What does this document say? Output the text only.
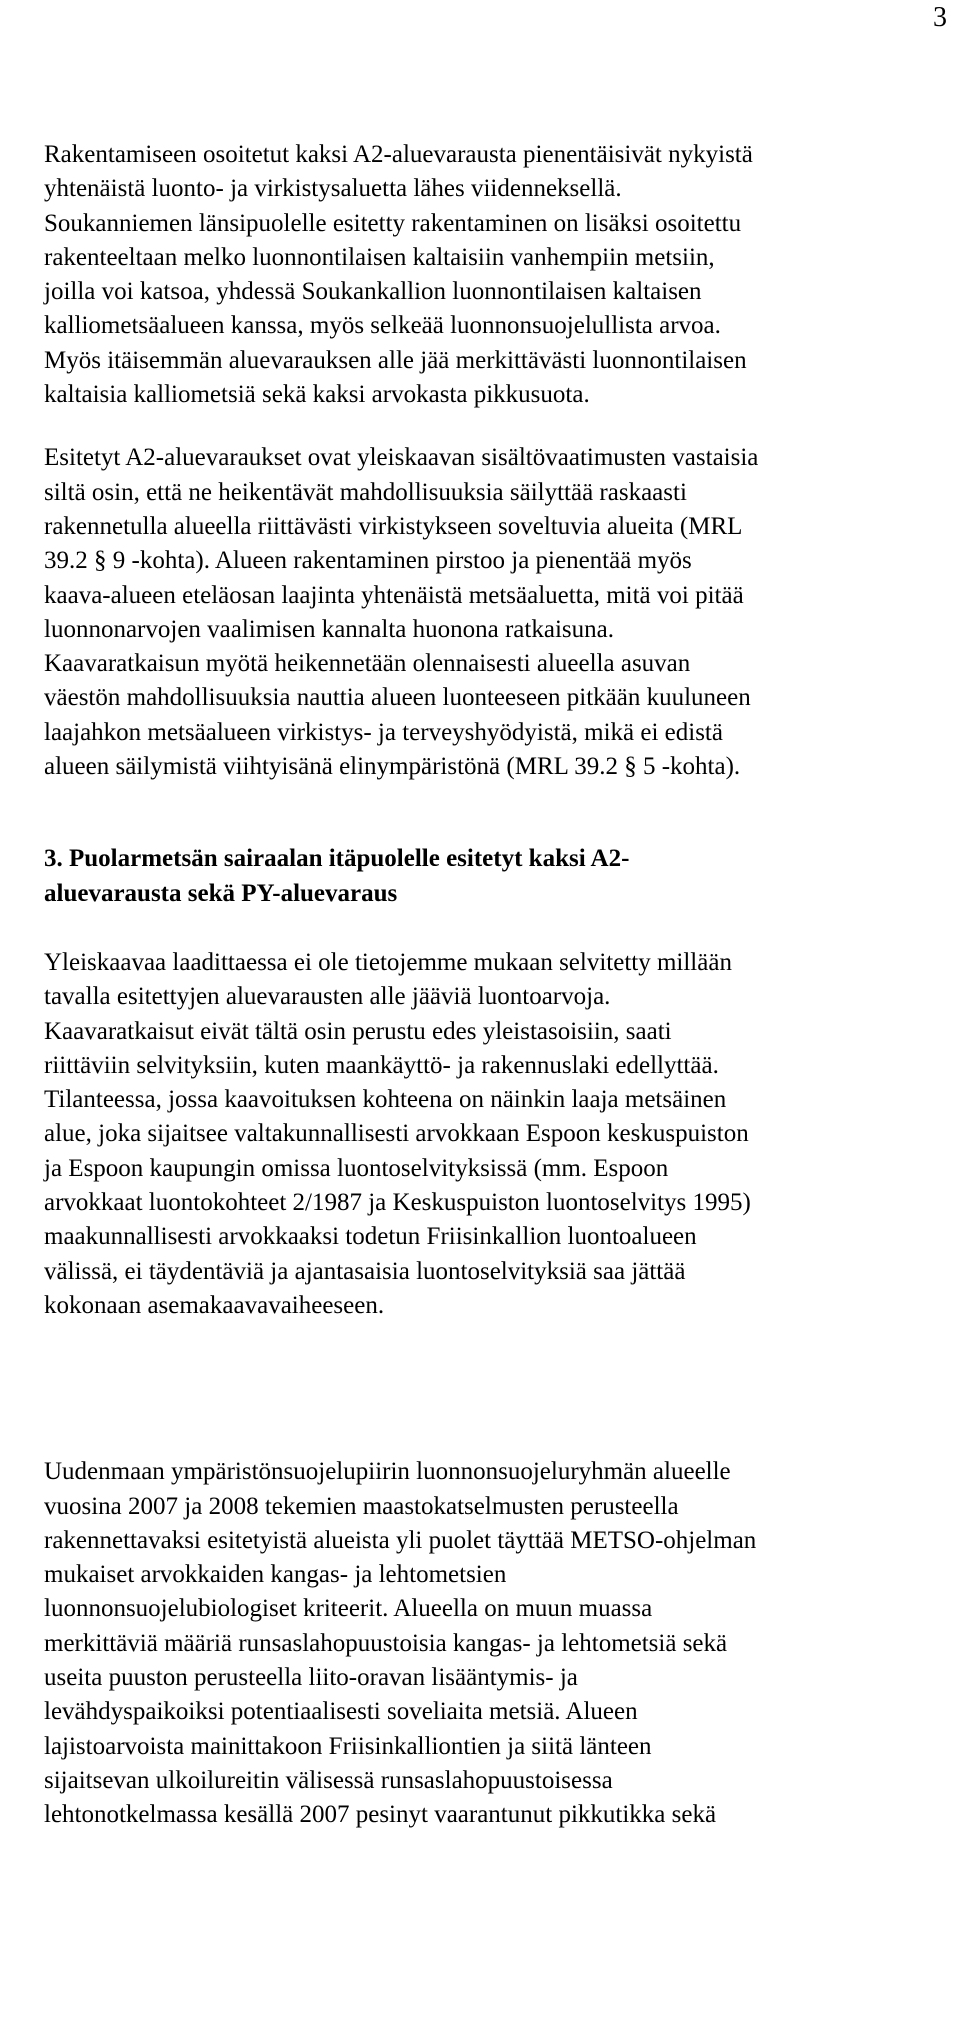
3
Rakentamiseen osoitetut kaksi A2-aluevarausta pienentäisivät nykyistä
yhtenäistä luonto- ja virkistysaluetta lähes viidenneksellä.
Soukanniemen länsipuolelle esitetty rakentaminen on lisäksi osoitettu
rakenteeltaan melko luonnontilaisen kaltaisiin vanhempiin metsiin,
joilla voi katsoa, yhdessä Soukankallion luonnontilaisen kaltaisen
kalliometsäalueen kanssa, myös selkeää luonnonsuojelullista arvoa.
Myös itäisemmän aluevarauksen alle jää merkittävästi luonnontilaisen
kaltaisia kalliometsiä sekä kaksi arvokasta pikkusuota.
Esitetyt A2-aluevaraukset ovat yleiskaavan sisältövaatimusten vastaisia
siltä osin, että ne heikentävät mahdollisuuksia säilyttää raskaasti
rakennetulla alueella riittävästi virkistykseen soveltuvia alueita (MRL
39.2 § 9 -kohta). Alueen rakentaminen pirstoo ja pienentää myös
kaava-alueen eteläosan laajinta yhtenäistä metsäaluetta, mitä voi pitää
luonnonarvojen vaalimisen kannalta huonona ratkaisuna.
Kaavaratkaisun myötä heikennetään olennaisesti alueella asuvan
väestön mahdollisuuksia nauttia alueen luonteeseen pitkään kuuluneen
laajahkon metsäalueen virkistys- ja terveyshyödyistä, mikä ei edistä
alueen säilymistä viihtyisänä elinympäristönä (MRL 39.2 § 5 -kohta).
3. Puolarmetsän sairaalan itäpuolelle esitetyt kaksi A2-
aluevarausta sekä PY-aluevaraus
Yleiskaavaa laadittaessa ei ole tietojemme mukaan selvitetty millään
tavalla esitettyjen aluevarausten alle jääviä luontoarvoja.
Kaavaratkaisut eivät tältä osin perustu edes yleistasoisiin, saati
riittäviin selvityksiin, kuten maankäyttö- ja rakennuslaki edellyttää.
Tilanteessa, jossa kaavoituksen kohteena on näinkin laaja metsäinen
alue, joka sijaitsee valtakunnallisesti arvokkaan Espoon keskuspuiston
ja Espoon kaupungin omissa luontoselvityksissä (mm. Espoon
arvokkaat luontokohteet 2/1987 ja Keskuspuiston luontoselvitys 1995)
maakunnallisesti arvokkaaksi todetun Friisinkallion luontoalueen
välissä, ei täydentäviä ja ajantasaisia luontoselvityksiä saa jättää
kokonaan asemakaavavaiheeseen.
Uudenmaan ympäristönsuojelupiirin luonnonsuojeluryhmän alueelle
vuosina 2007 ja 2008 tekemien maastokatselmusten perusteella
rakennettavaksi esitetyistä alueista yli puolet täyttää METSO-ohjelman
mukaiset arvokkaiden kangas- ja lehtometsien
luonnonsuojelubiologiset kriteerit. Alueella on muun muassa
merkittäviä määriä runsaslahopuustoisia kangas- ja lehtometsiä sekä
useita puuston perusteella liito-oravan lisääntymis- ja
levähdyspaikoiksi potentiaalisesti soveliaita metsiä. Alueen
lajistoarvoista mainittakoon Friisinkalliontien ja siitä länteen
sijaitsevan ulkoilureitin välisessä runsaslahopuustoisessa
lehtonotkelmassa kesällä 2007 pesinyt vaarantunut pikkutikka sekä
